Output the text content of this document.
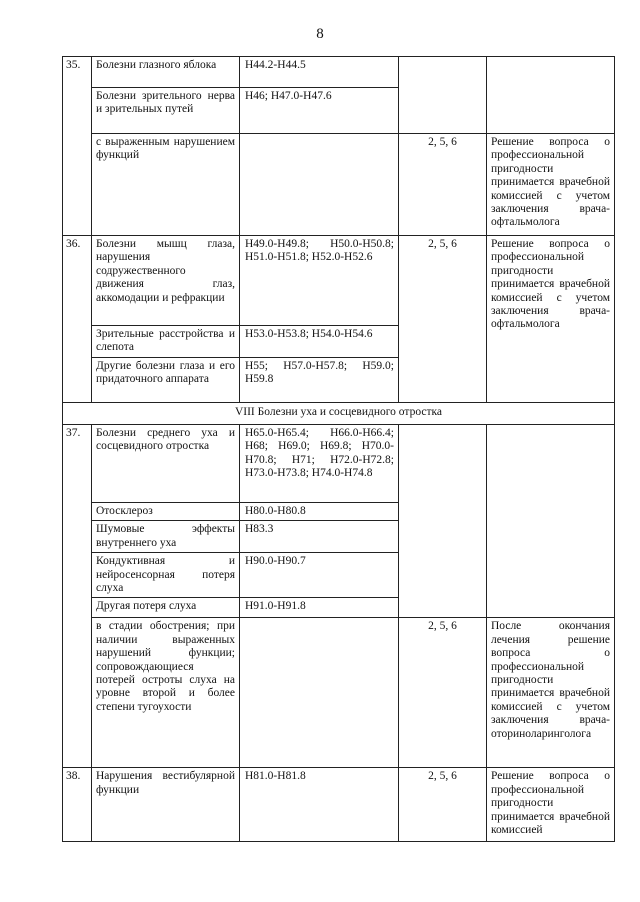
8
35.	Болезни глазного яблока	H44.2-H44.5		
	Болезни зрительного нерва и зрительных путей	H46; H47.0-H47.6		
	с выраженным нарушением функций		2, 5, 6	Решение вопроса о профессиональной пригодности принимается врачебной комиссией с учетом заключения врача-офтальмолога
36.	Болезни мышц глаза, нарушения содружественного движения глаз, аккомодации и рефракции	H49.0-H49.8; H50.0-H50.8; H51.0-H51.8; H52.0-H52.6	2, 5, 6	Решение вопроса о профессиональной пригодности принимается врачебной комиссией с учетом заключения врача-офтальмолога
	Зрительные расстройства и слепота	H53.0-H53.8; H54.0-H54.6		
	Другие болезни глаза и его придаточного аппарата	H55; H57.0-H57.8; H59.0; H59.8		
VIII Болезни уха и сосцевидного отростка				
37.	Болезни среднего уха и сосцевидного отростка	H65.0-H65.4; H66.0-H66.4; H68; H69.0; H69.8; H70.0-H70.8; H71; H72.0-H72.8; H73.0-H73.8; H74.0-H74.8		
	Отосклероз	H80.0-H80.8		
	Шумовые эффекты внутреннего уха	H83.3		
	Кондуктивная и нейросенсорная потеря слуха	H90.0-H90.7		
	Другая потеря слуха	H91.0-H91.8		
	в стадии обострения; при наличии выраженных нарушений функции; сопровождающиеся потерей остроты слуха на уровне второй и более степени тугоухости		2, 5, 6	После окончания лечения решение вопроса о профессиональной пригодности принимается врачебной комиссией с учетом заключения врача-оториноларинголога
38.	Нарушения вестибулярной функции	H81.0-H81.8	2, 5, 6	Решение вопроса о профессиональной пригодности принимается врачебной комиссией
